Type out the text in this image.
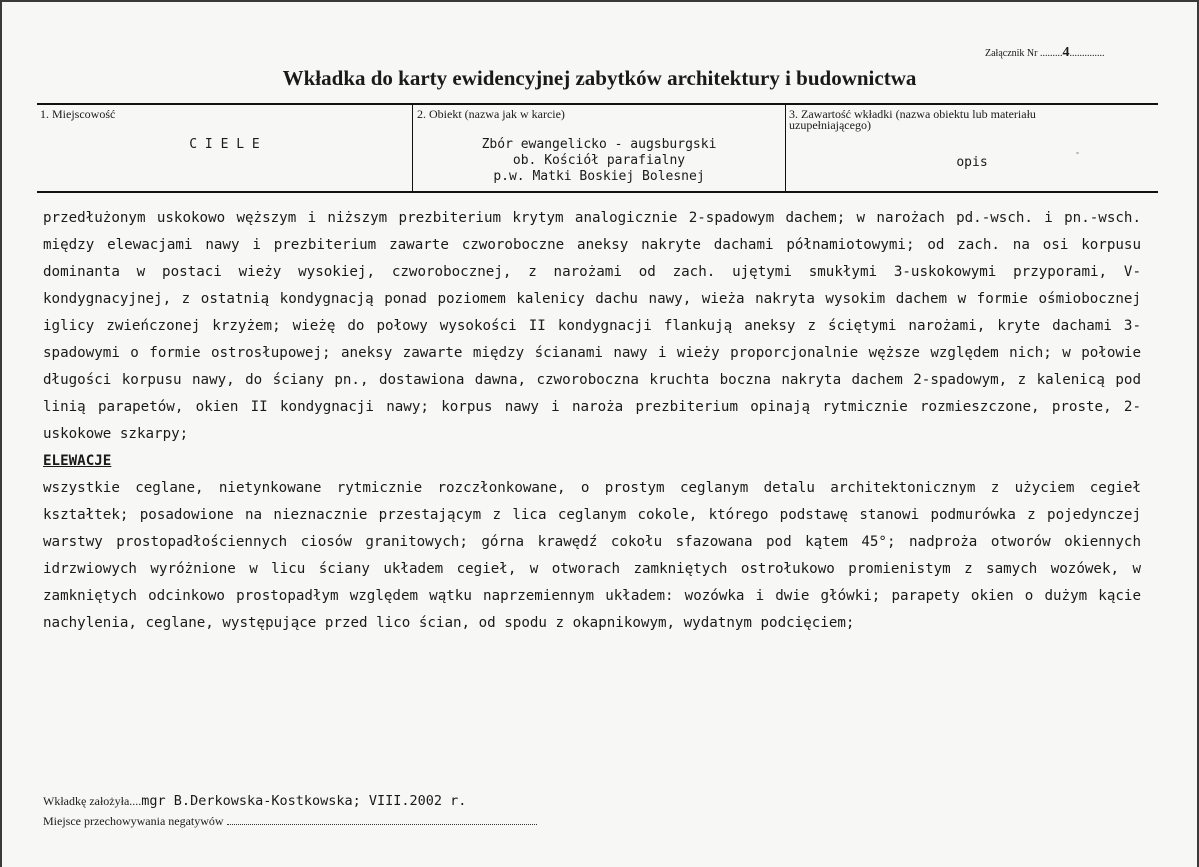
Załącznik Nr .........4..............
Wkładka do karty ewidencyjnej zabytków architektury i budownictwa
1. Miejscowość
C I E L E
2. Obiekt (nazwa jak w karcie)
Zbór ewangelicko - augsburgski
ob. Kościół parafialny
p.w. Matki Boskiej Bolesnej
3. Zawartość wkładki (nazwa obiektu lub materiału
uzupełniającego)
opis

przedłużonym uskokowo węższym i niższym prezbiterium krytym analogicznie 2-spadowym dachem; w narożach pd.-wsch. i pn.-wsch. między elewacjami nawy i prezbiterium zawarte czworoboczne aneksy nakryte dachami półnamiotowymi; od zach. na osi korpusu dominanta w postaci wieży wysokiej, czworobocznej, z narożami od zach. ujętymi smukłymi 3-uskokowymi przyporami, V-kondygnacyjnej, z ostatnią kondygnacją ponad poziomem kalenicy dachu nawy, wieża nakryta wysokim dachem w formie ośmiobocznej iglicy zwieńczonej krzyżem; wieżę do połowy wysokości II kondygnacji flankują aneksy z ściętymi narożami, kryte dachami 3-spadowymi o formie ostrosłupowej; aneksy zawarte między ścianami nawy i wieży proporcjonalnie węższe względem nich; w połowie długości korpusu nawy, do ściany pn., dostawiona dawna, czworoboczna kruchta boczna nakryta dachem 2-spadowym, z kalenicą pod linią parapetów, okien II kondygnacji nawy; korpus nawy i naroża prezbiterium opinają rytmicznie rozmieszczone, proste, 2-uskokowe szkarpy;

ELEWACJE

wszystkie ceglane, nietynkowane rytmicznie rozczłonkowane, o prostym ceglanym detalu architektonicznym z użyciem cegieł kształtek; posadowione na nieznacznie przestającym z lica ceglanym cokole, którego podstawę stanowi podmurówka z pojedynczej warstwy prostopadłościennych ciosów granitowych; górna krawędź cokołu sfazowana pod kątem 45°; nadproża otworów okiennych idrzwiowych wyróżnione w licu ściany układem cegieł, w otworach zamkniętych ostrołukowo promienistym z samych wozówek, w zamkniętych odcinkowo prostopadłym względem wątku naprzemiennym układem: wozówka i dwie główki; parapety okien o dużym kącie nachylenia, ceglane, występujące przed lico ścian, od spodu z okapnikowym, wydatnym podcięciem;

Wkładkę założyła....mgr B.Derkowska-Kostkowska; VIII.2002 r.
Miejsce przechowywania negatywów
